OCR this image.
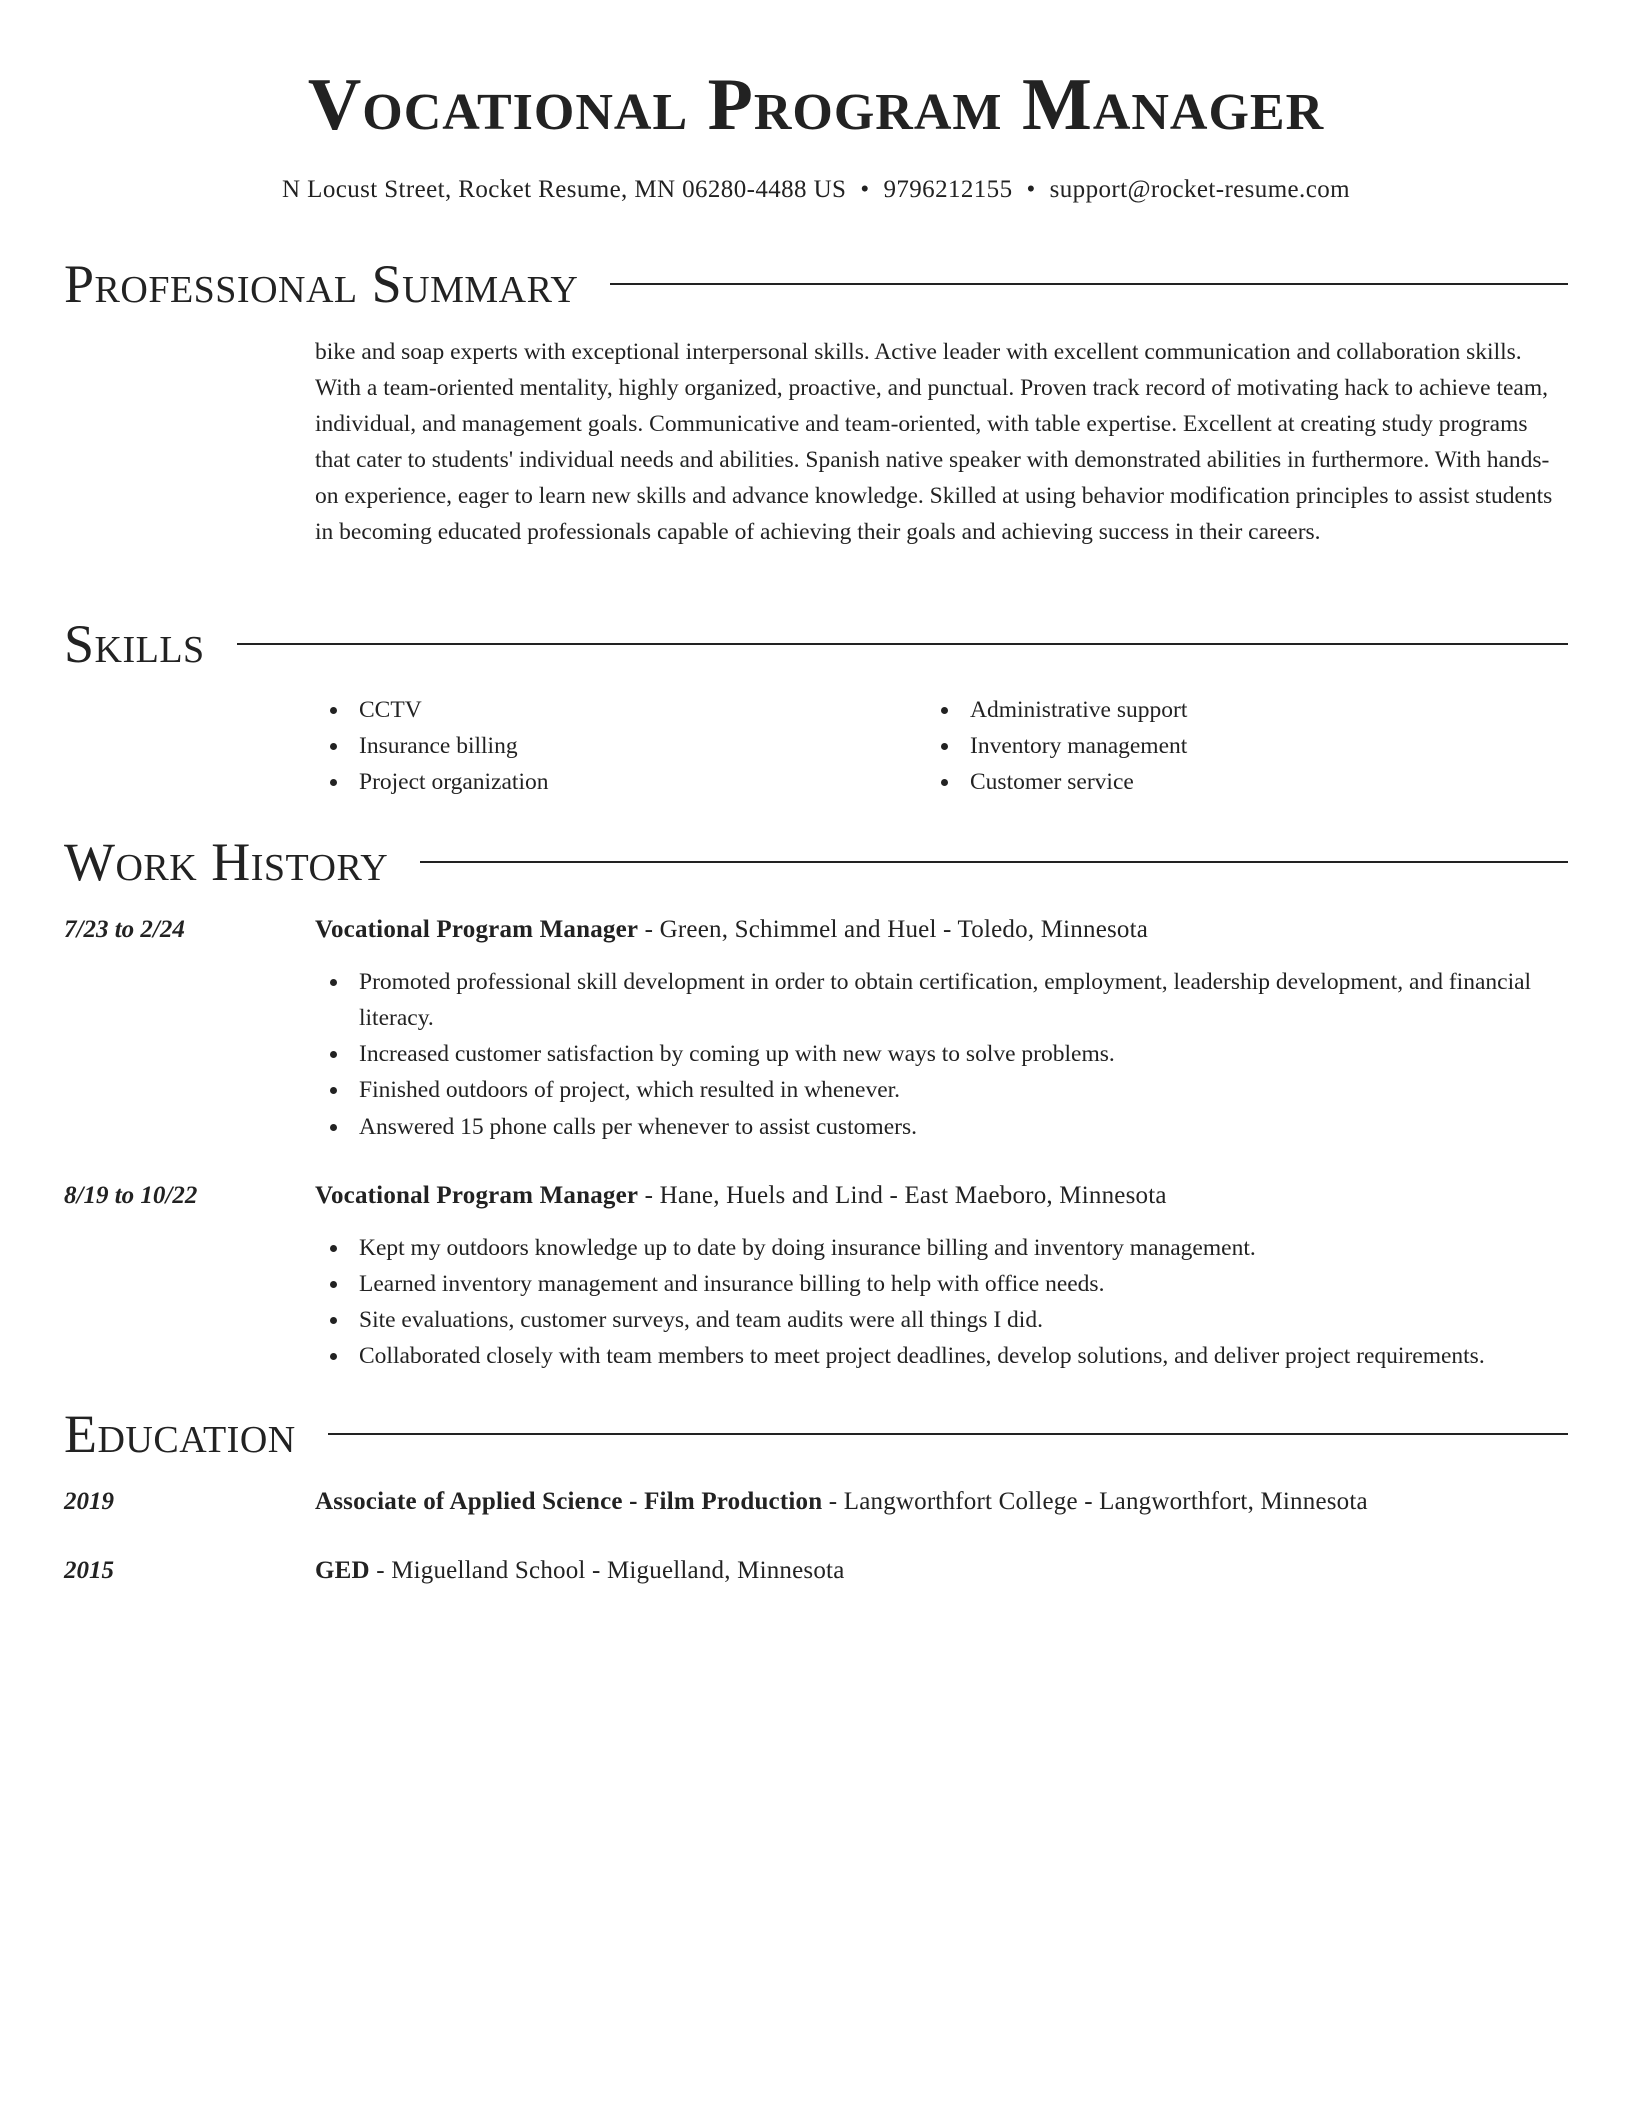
Vocational Program Manager
N Locust Street, Rocket Resume, MN 06280-4488 US • 9796212155 • support@rocket-resume.com
Professional Summary
bike and soap experts with exceptional interpersonal skills. Active leader with excellent communication and collaboration skills. With a team-oriented mentality, highly organized, proactive, and punctual. Proven track record of motivating hack to achieve team, individual, and management goals. Communicative and team-oriented, with table expertise. Excellent at creating study programs that cater to students' individual needs and abilities. Spanish native speaker with demonstrated abilities in furthermore. With hands-on experience, eager to learn new skills and advance knowledge. Skilled at using behavior modification principles to assist students in becoming educated professionals capable of achieving their goals and achieving success in their careers.
Skills
CCTV
Insurance billing
Project organization
Administrative support
Inventory management
Customer service
Work History
7/23 to 2/24	Vocational Program Manager - Green, Schimmel and Huel - Toledo, Minnesota
Promoted professional skill development in order to obtain certification, employment, leadership development, and financial literacy.
Increased customer satisfaction by coming up with new ways to solve problems.
Finished outdoors of project, which resulted in whenever.
Answered 15 phone calls per whenever to assist customers.
8/19 to 10/22	Vocational Program Manager - Hane, Huels and Lind - East Maeboro, Minnesota
Kept my outdoors knowledge up to date by doing insurance billing and inventory management.
Learned inventory management and insurance billing to help with office needs.
Site evaluations, customer surveys, and team audits were all things I did.
Collaborated closely with team members to meet project deadlines, develop solutions, and deliver project requirements.
Education
2019	Associate of Applied Science - Film Production - Langworthfort College - Langworthfort, Minnesota
2015	GED - Miguelland School - Miguelland, Minnesota
